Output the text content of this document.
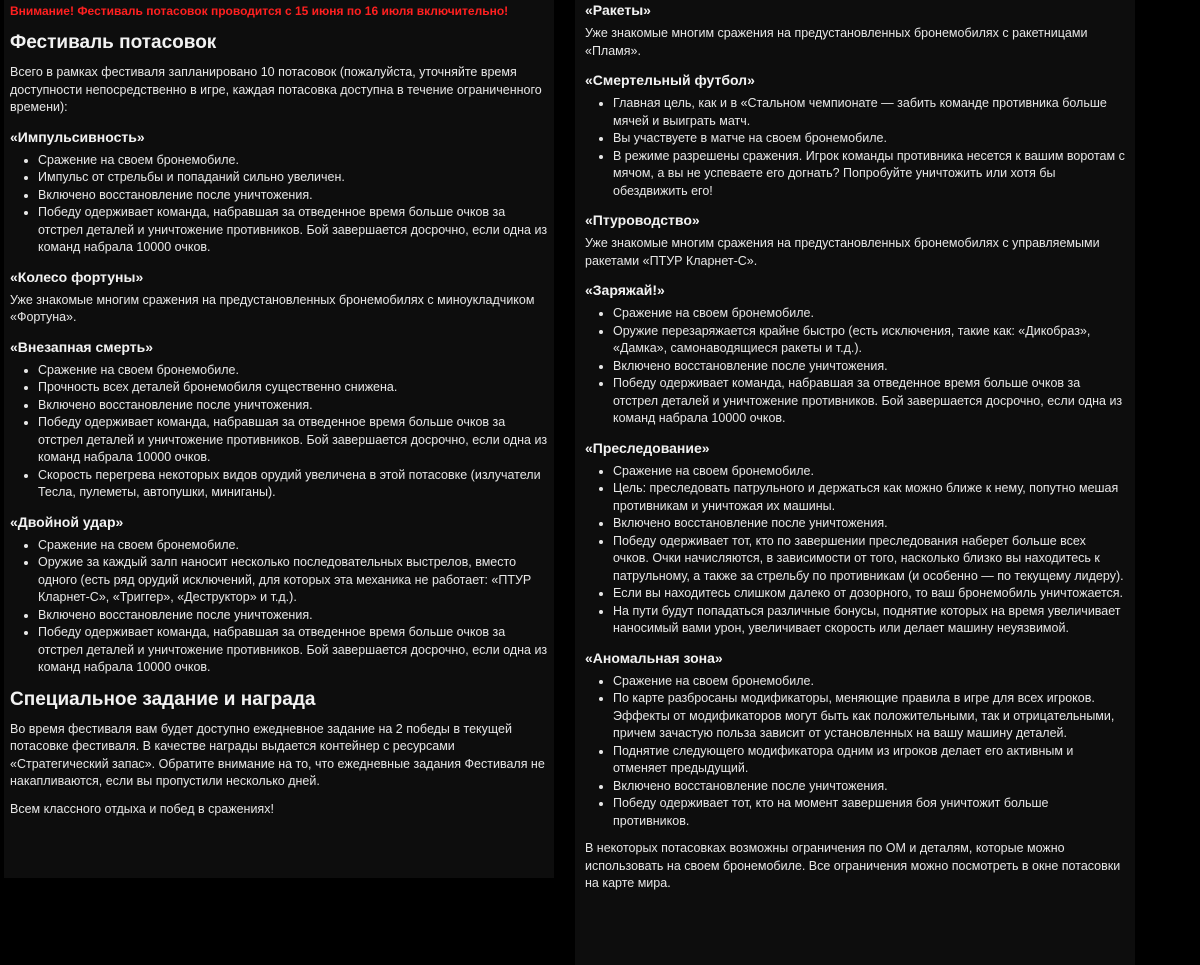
Внимание! Фестиваль потасовок проводится с 15 июня по 16 июля включительно!
Фестиваль потасовок
Всего в рамках фестиваля запланировано 10 потасовок (пожалуйста, уточняйте время доступности непосредственно в игре, каждая потасовка доступна в течение ограниченного времени):
«Импульсивность»
• Сражение на своем бронемобиле.
• Импульс от стрельбы и попаданий сильно увеличен.
• Включено восстановление после уничтожения.
• Победу одерживает команда, набравшая за отведенное время больше очков за отстрел деталей и уничтожение противников. Бой завершается досрочно, если одна из команд набрала 10000 очков.
«Колесо фортуны»
Уже знакомые многим сражения на предустановленных бронемобилях с миноукладчиком «Фортуна».
«Внезапная смерть»
• Сражение на своем бронемобиле.
• Прочность всех деталей бронемобиля существенно снижена.
• Включено восстановление после уничтожения.
• Победу одерживает команда, набравшая за отведенное время больше очков за отстрел деталей и уничтожение противников. Бой завершается досрочно, если одна из команд набрала 10000 очков.
• Скорость перегрева некоторых видов орудий увеличена в этой потасовке (излучатели Тесла, пулеметы, автопушки, миниганы).
«Двойной удар»
• Сражение на своем бронемобиле.
• Оружие за каждый залп наносит несколько последовательных выстрелов, вместо одного (есть ряд орудий исключений, для которых эта механика не работает: «ПТУР Кларнет-С», «Триггер», «Деструктор» и т.д.).
• Включено восстановление после уничтожения.
• Победу одерживает команда, набравшая за отведенное время больше очков за отстрел деталей и уничтожение противников. Бой завершается досрочно, если одна из команд набрала 10000 очков.
Специальное задание и награда
Во время фестиваля вам будет доступно ежедневное задание на 2 победы в текущей потасовке фестиваля. В качестве награды выдается контейнер с ресурсами «Стратегический запас». Обратите внимание на то, что ежедневные задания Фестиваля не накапливаются, если вы пропустили несколько дней.
Всем классного отдыха и побед в сражениях!
«Ракеты»
Уже знакомые многим сражения на предустановленных бронемобилях с ракетницами «Пламя».
«Смертельный футбол»
• Главная цель, как и в «Стальном чемпионате — забить команде противника больше мячей и выиграть матч.
• Вы участвуете в матче на своем бронемобиле.
• В режиме разрешены сражения. Игрок команды противника несется к вашим воротам с мячом, а вы не успеваете его догнать? Попробуйте уничтожить или хотя бы обездвижить его!
«Птуроводство»
Уже знакомые многим сражения на предустановленных бронемобилях с управляемыми ракетами «ПТУР Кларнет-С».
«Заряжай!»
• Сражение на своем бронемобиле.
• Оружие перезаряжается крайне быстро (есть исключения, такие как: «Дикобраз», «Дамка», самонаводящиеся ракеты и т.д.).
• Включено восстановление после уничтожения.
• Победу одерживает команда, набравшая за отведенное время больше очков за отстрел деталей и уничтожение противников. Бой завершается досрочно, если одна из команд набрала 10000 очков.
«Преследование»
• Сражение на своем бронемобиле.
• Цель: преследовать патрульного и держаться как можно ближе к нему, попутно мешая противникам и уничтожая их машины.
• Включено восстановление после уничтожения.
• Победу одерживает тот, кто по завершении преследования наберет больше всех очков. Очки начисляются, в зависимости от того, насколько близко вы находитесь к патрульному, а также за стрельбу по противникам (и особенно — по текущему лидеру).
• Если вы находитесь слишком далеко от дозорного, то ваш бронемобиль уничтожается.
• На пути будут попадаться различные бонусы, поднятие которых на время увеличивает наносимый вами урон, увеличивает скорость или делает машину неуязвимой.
«Аномальная зона»
• Сражение на своем бронемобиле.
• По карте разбросаны модификаторы, меняющие правила в игре для всех игроков. Эффекты от модификаторов могут быть как положительными, так и отрицательными, причем зачастую польза зависит от установленных на вашу машину деталей.
• Поднятие следующего модификатора одним из игроков делает его активным и отменяет предыдущий.
• Включено восстановление после уничтожения.
• Победу одерживает тот, кто на момент завершения боя уничтожит больше противников.
В некоторых потасовках возможны ограничения по ОМ и деталям, которые можно использовать на своем бронемобиле. Все ограничения можно посмотреть в окне потасовки на карте мира.
